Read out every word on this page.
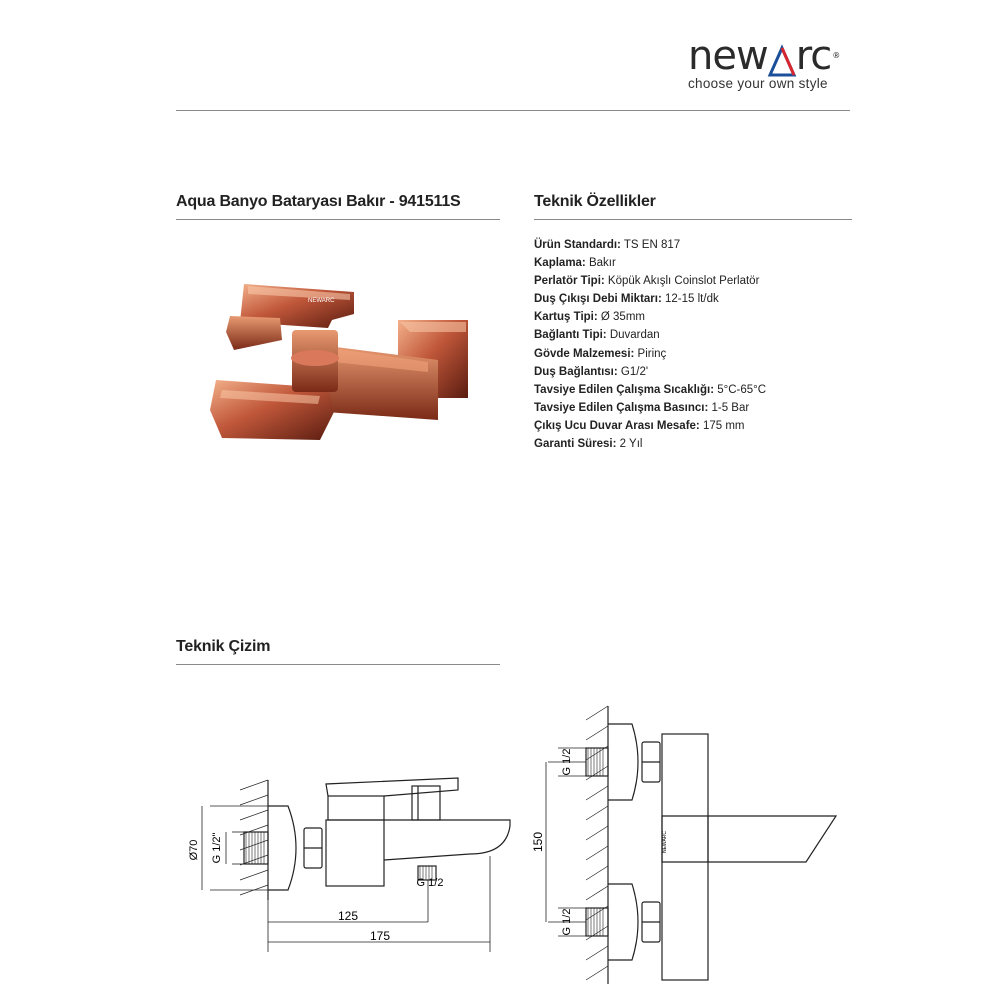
ne w rc ®
choose your own style
Aqua Banyo Bataryası Bakır - 941511S	Teknik Özellikler
Ürün Standardı: TS EN 817
Kaplama: Bakır
Perlatör Tipi: Köpük Akışlı Coinslot Perlatör
Duş Çıkışı Debi Miktarı: 12-15 lt/dk
Kartuş Tipi: Ø 35mm
Bağlantı Tipi: Duvardan
Gövde Malzemesi: Pirinç
Duş Bağlantısı: G1/2'
Tavsiye Edilen Çalışma Sıcaklığı: 5°C-65°C
Tavsiye Edilen Çalışma Basıncı: 1-5 Bar
Çıkış Ucu Duvar Arası Mesafe: 175 mm
Garanti Süresi: 2 Yıl
NEWARC
Teknik Çizim
Ø70 G 1/2"
G 1/2
125
175
G 1/2
G 1/2
150	NEWARC
